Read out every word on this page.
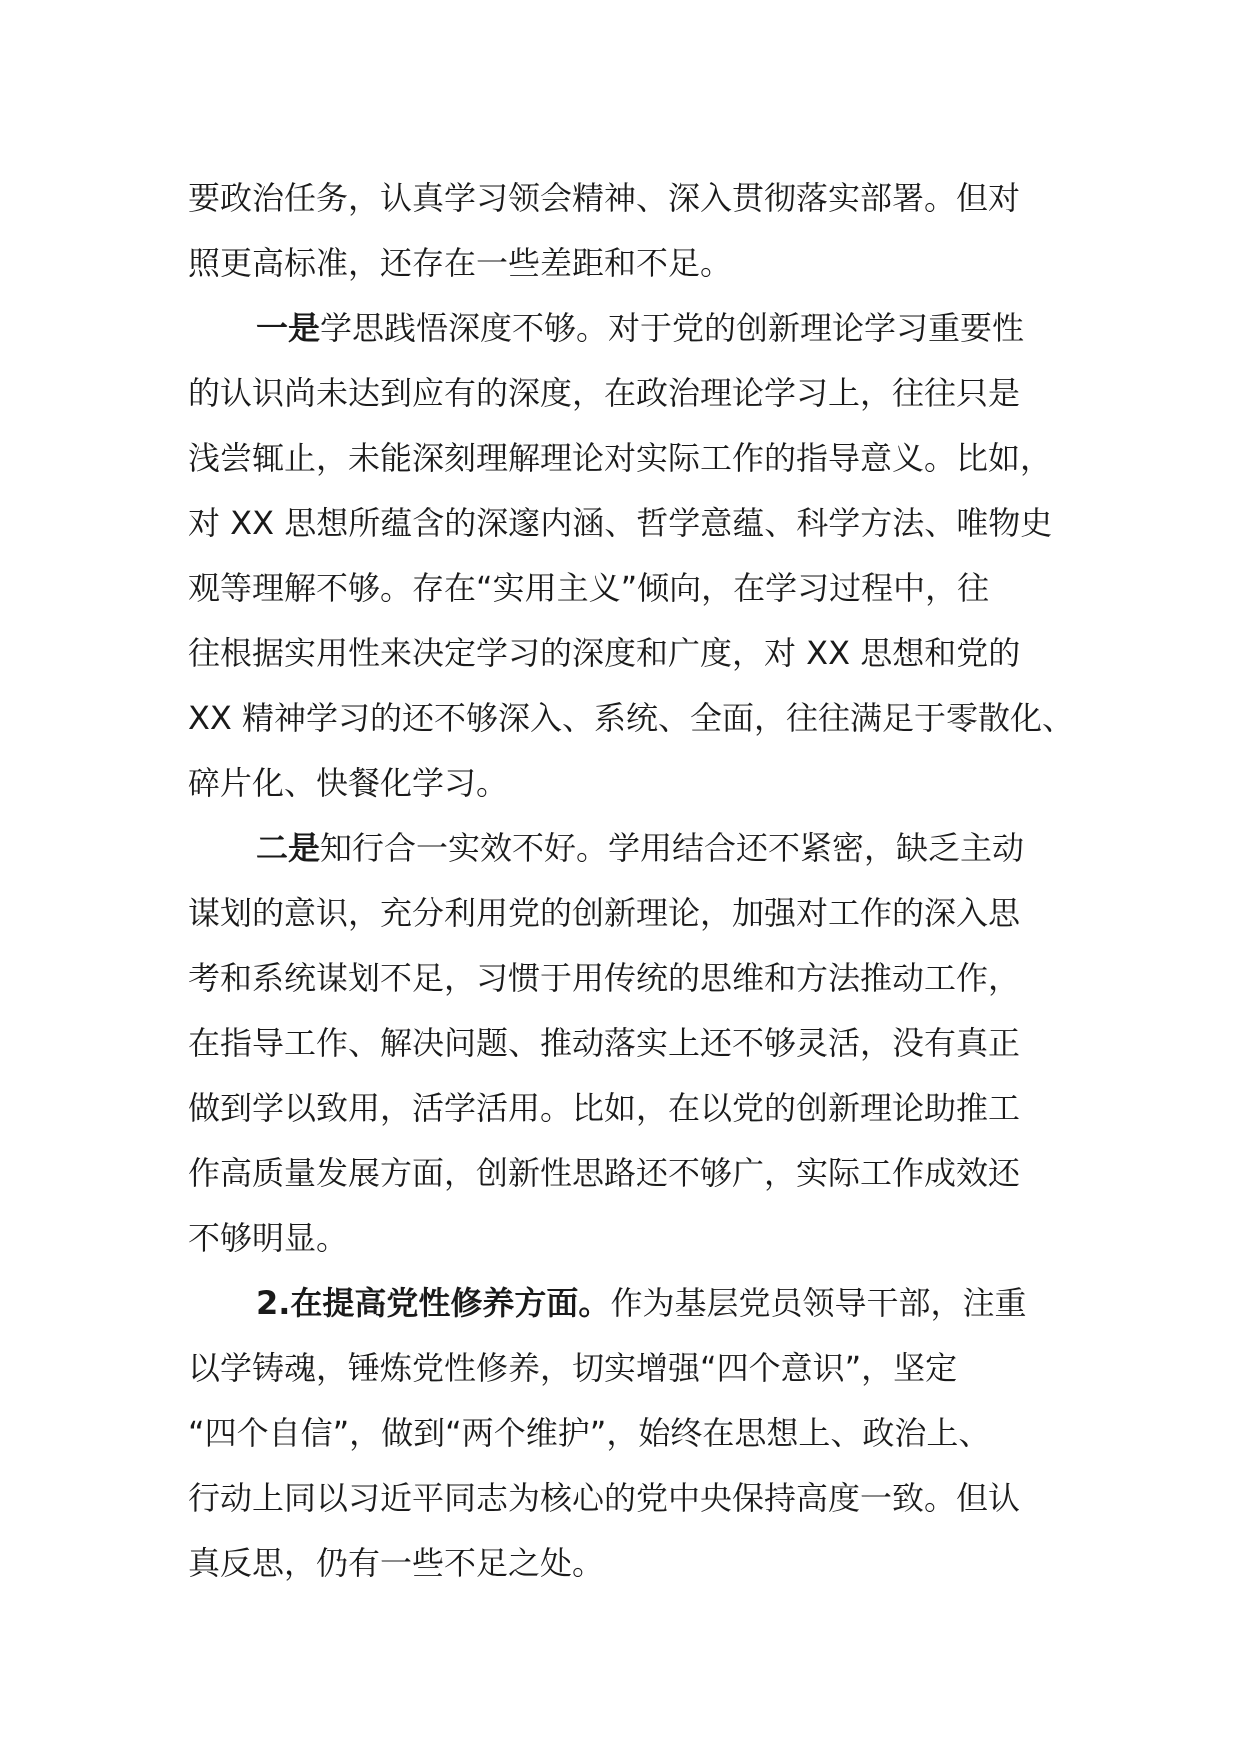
要政治任务，认真学习领会精神、深入贯彻落实部署。但对
照更高标准，还存在一些差距和不足。
一是学思践悟深度不够。对于党的创新理论学习重要性
的认识尚未达到应有的深度，在政治理论学习上，往往只是
浅尝辄止，未能深刻理解理论对实际工作的指导意义。比如，
对 XX 思想所蕴含的深邃内涵、哲学意蕴、科学方法、唯物史
观等理解不够。存在“实用主义”倾向，在学习过程中，往
往根据实用性来决定学习的深度和广度，对 XX 思想和党的
XX 精神学习的还不够深入、系统、全面，往往满足于零散化、
碎片化、快餐化学习。
二是知行合一实效不好。学用结合还不紧密，缺乏主动
谋划的意识，充分利用党的创新理论，加强对工作的深入思
考和系统谋划不足，习惯于用传统的思维和方法推动工作，
在指导工作、解决问题、推动落实上还不够灵活，没有真正
做到学以致用，活学活用。比如，在以党的创新理论助推工
作高质量发展方面，创新性思路还不够广，实际工作成效还
不够明显。
2.在提高党性修养方面。作为基层党员领导干部，注重
以学铸魂，锤炼党性修养，切实增强“四个意识”，坚定
“四个自信”，做到“两个维护”，始终在思想上、政治上、
行动上同以习近平同志为核心的党中央保持高度一致。但认
真反思，仍有一些不足之处。
